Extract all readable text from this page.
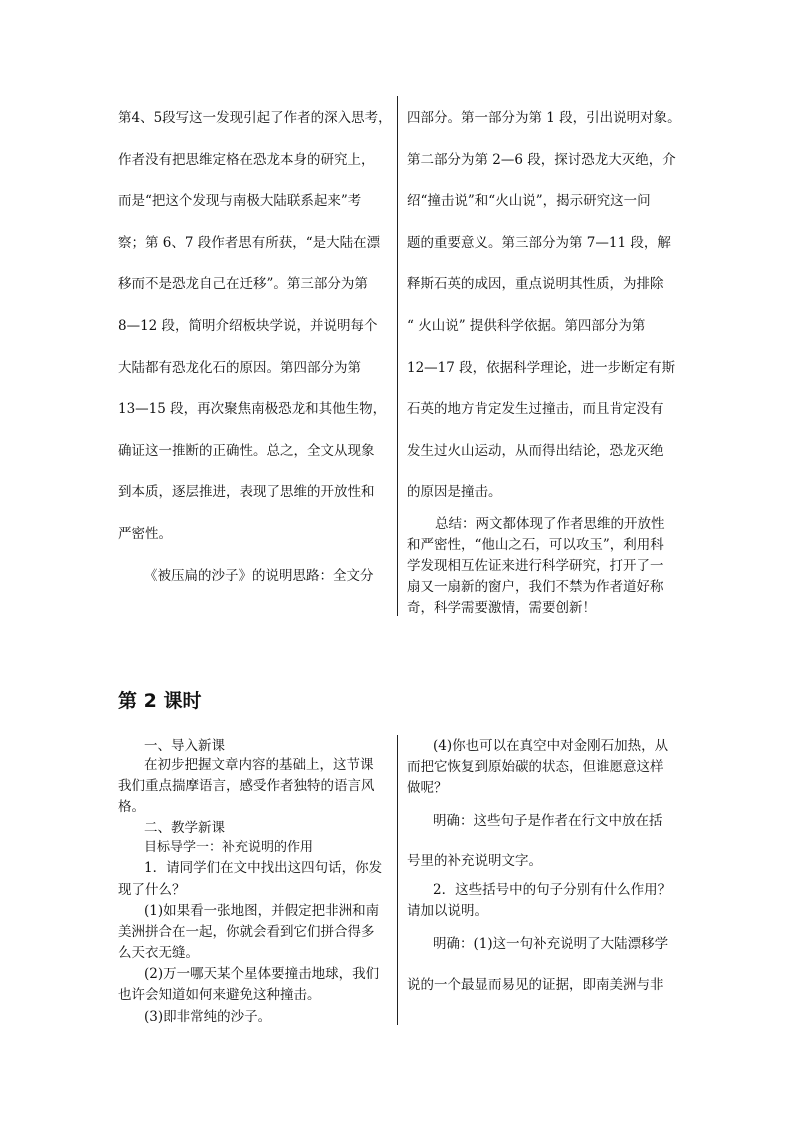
第4、5段写这一发现引起了作者的深入思考，
作者没有把思维定格在恐龙本身的研究上，
而是“把这个发现与南极大陆联系起来”考
察；第 6、7 段作者思有所获，“是大陆在漂
移而不是恐龙自己在迁移”。第三部分为第
8—12 段，简明介绍板块学说，并说明每个
大陆都有恐龙化石的原因。第四部分为第
13—15 段，再次聚焦南极恐龙和其他生物，
确证这一推断的正确性。总之，全文从现象
到本质，逐层推进，表现了思维的开放性和
严密性。
《被压扁的沙子》的说明思路：全文分
四部分。第一部分为第 1 段，引出说明对象。
第二部分为第 2—6 段，探讨恐龙大灭绝，介
绍“撞击说”和“火山说”，揭示研究这一问
题的重要意义。第三部分为第 7—11 段，解
释斯石英的成因，重点说明其性质，为排除
“ 火山说” 提供科学依据。第四部分为第
12—17 段，依据科学理论，进一步断定有斯
石英的地方肯定发生过撞击，而且肯定没有
发生过火山运动，从而得出结论，恐龙灭绝
的原因是撞击。
总结：两文都体现了作者思维的开放性
和严密性，“他山之石，可以攻玉”，利用科
学发现相互佐证来进行科学研究，打开了一
扇又一扇新的窗户，我们不禁为作者道好称
奇，科学需要激情，需要创新！
第 2 课时
一、导入新课
在初步把握文章内容的基础上，这节课
我们重点揣摩语言，感受作者独特的语言风
格。
二、教学新课
目标导学一：补充说明的作用
1．请同学们在文中找出这四句话，你发
现了什么？
(1)如果看一张地图，并假定把非洲和南
美洲拼合在一起，你就会看到它们拼合得多
么天衣无缝。
(2)万一哪天某个星体要撞击地球，我们
也许会知道如何来避免这种撞击。
(3)即非常纯的沙子。
(4)你也可以在真空中对金刚石加热，从
而把它恢复到原始碳的状态，但谁愿意这样
做呢？
明确：这些句子是作者在行文中放在括
号里的补充说明文字。
2．这些括号中的句子分别有什么作用？
请加以说明。
明确：(1)这一句补充说明了大陆漂移学
说的一个最显而易见的证据，即南美洲与非
